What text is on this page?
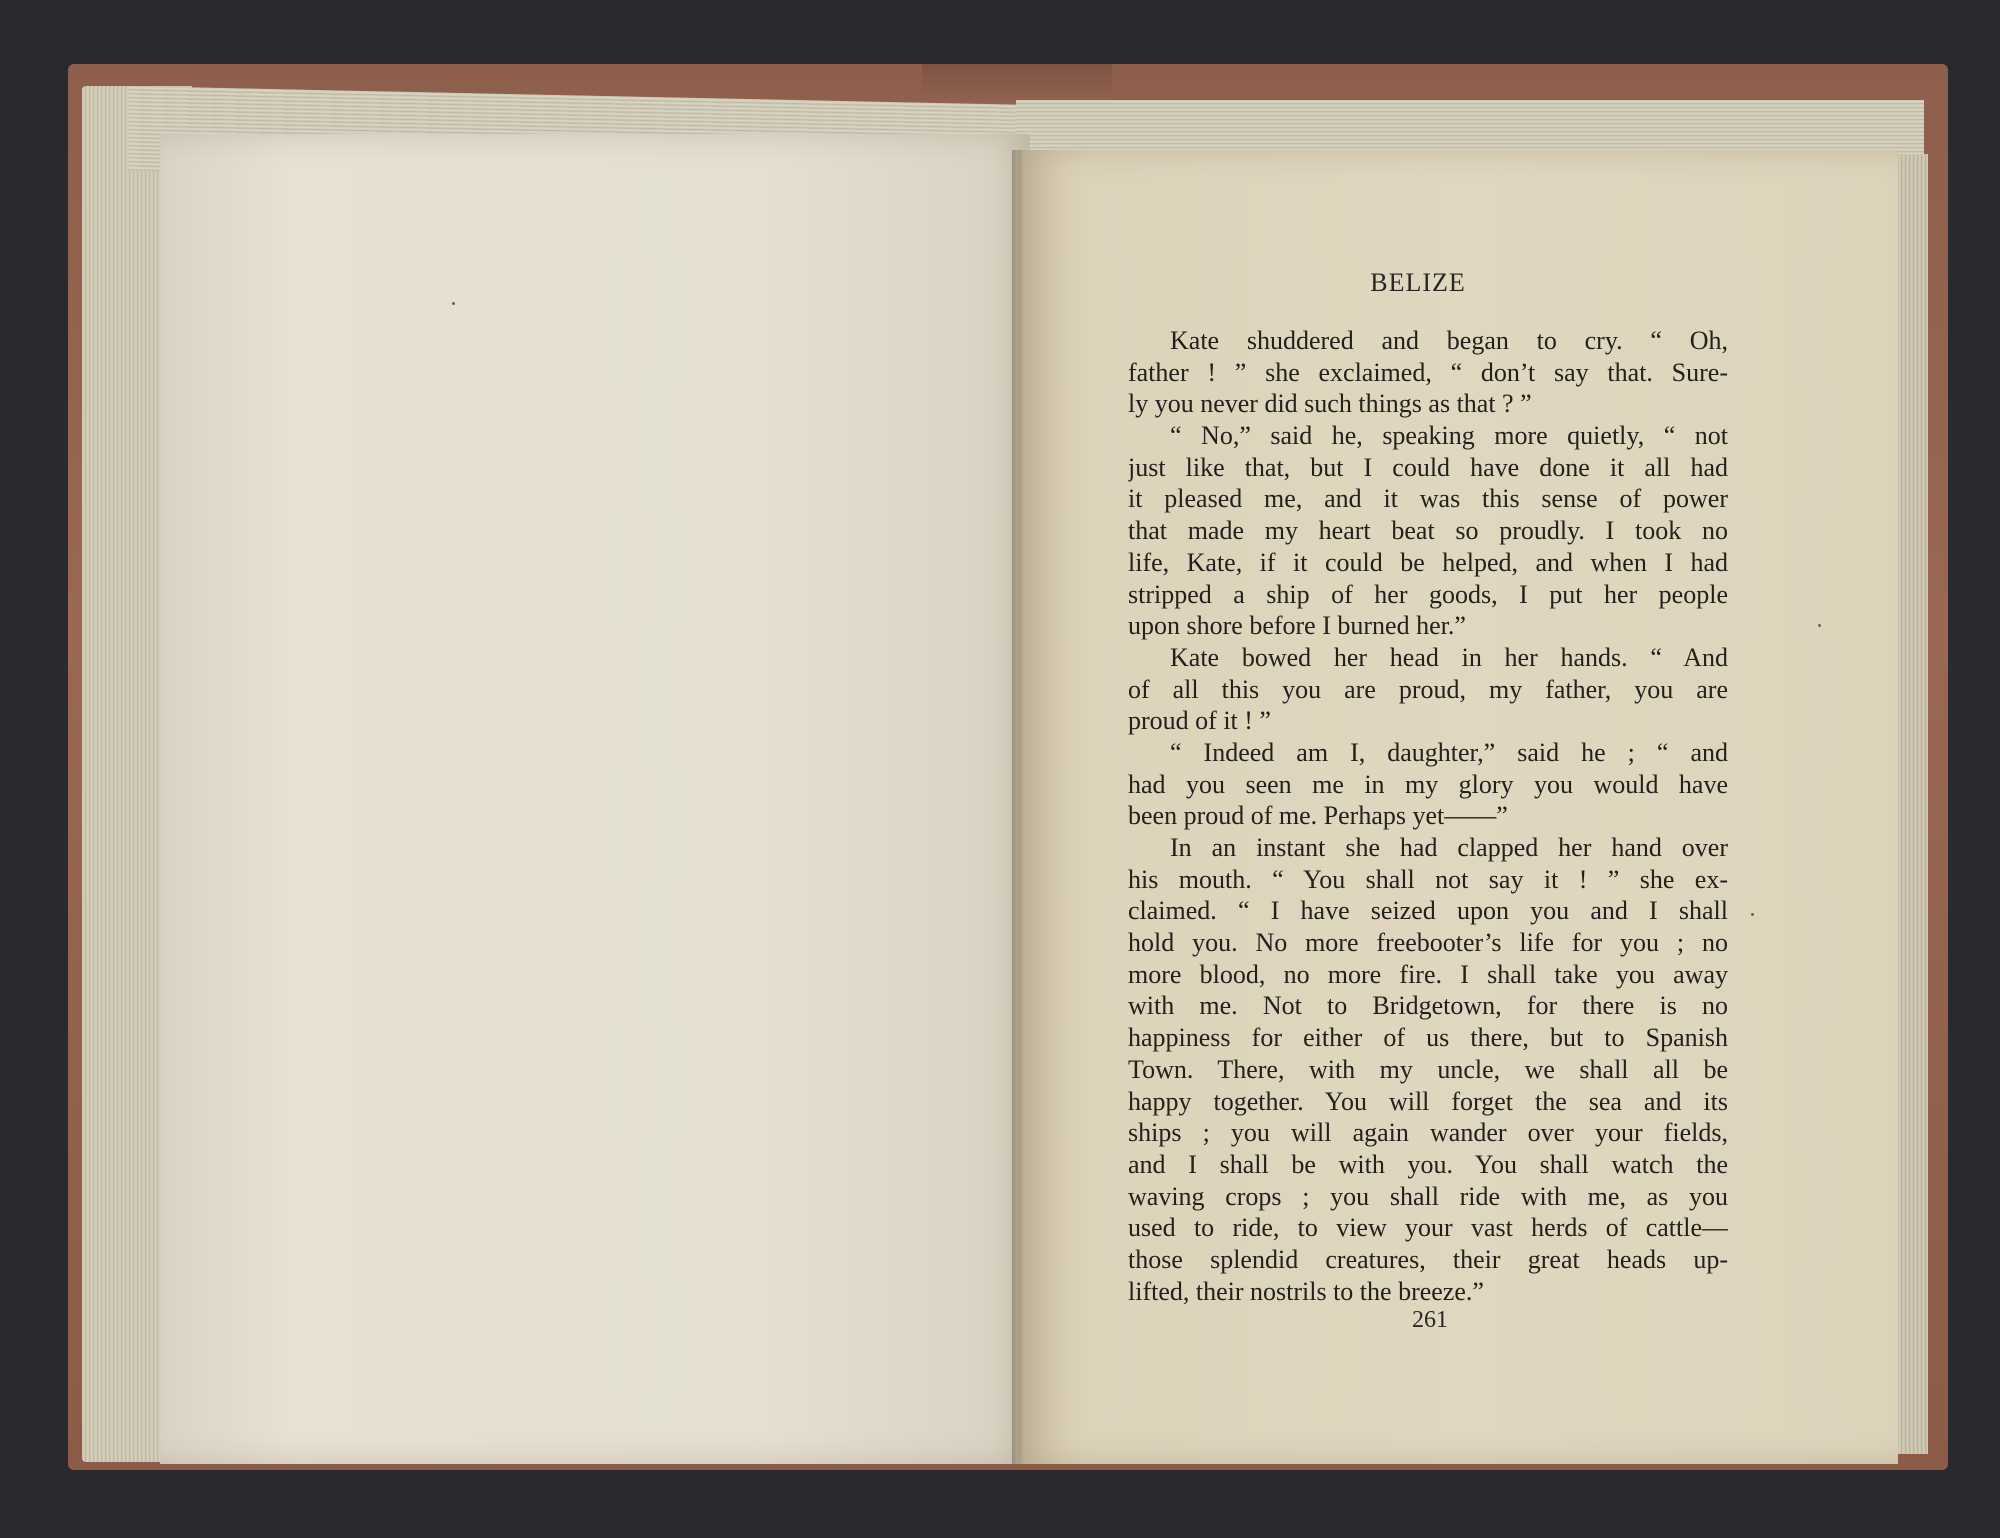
BELIZE
Kate shuddered and began to cry. “ Oh,
father ! ” she exclaimed, “ don’t say that. Sure-
ly you never did such things as that ? ”
“ No,” said he, speaking more quietly, “ not
just like that, but I could have done it all had
it pleased me, and it was this sense of power
that made my heart beat so proudly. I took no
life, Kate, if it could be helped, and when I had
stripped a ship of her goods, I put her people
upon shore before I burned her.”
Kate bowed her head in her hands. “ And
of all this you are proud, my father, you are
proud of it ! ”
“ Indeed am I, daughter,” said he ; “ and
had you seen me in my glory you would have
been proud of me. Perhaps yet——”
In an instant she had clapped her hand over
his mouth. “ You shall not say it ! ” she ex-
claimed. “ I have seized upon you and I shall
hold you. No more freebooter’s life for you ; no
more blood, no more fire. I shall take you away
with me. Not to Bridgetown, for there is no
happiness for either of us there, but to Spanish
Town. There, with my uncle, we shall all be
happy together. You will forget the sea and its
ships ; you will again wander over your fields,
and I shall be with you. You shall watch the
waving crops ; you shall ride with me, as you
used to ride, to view your vast herds of cattle—
those splendid creatures, their great heads up-
lifted, their nostrils to the breeze.”
261
